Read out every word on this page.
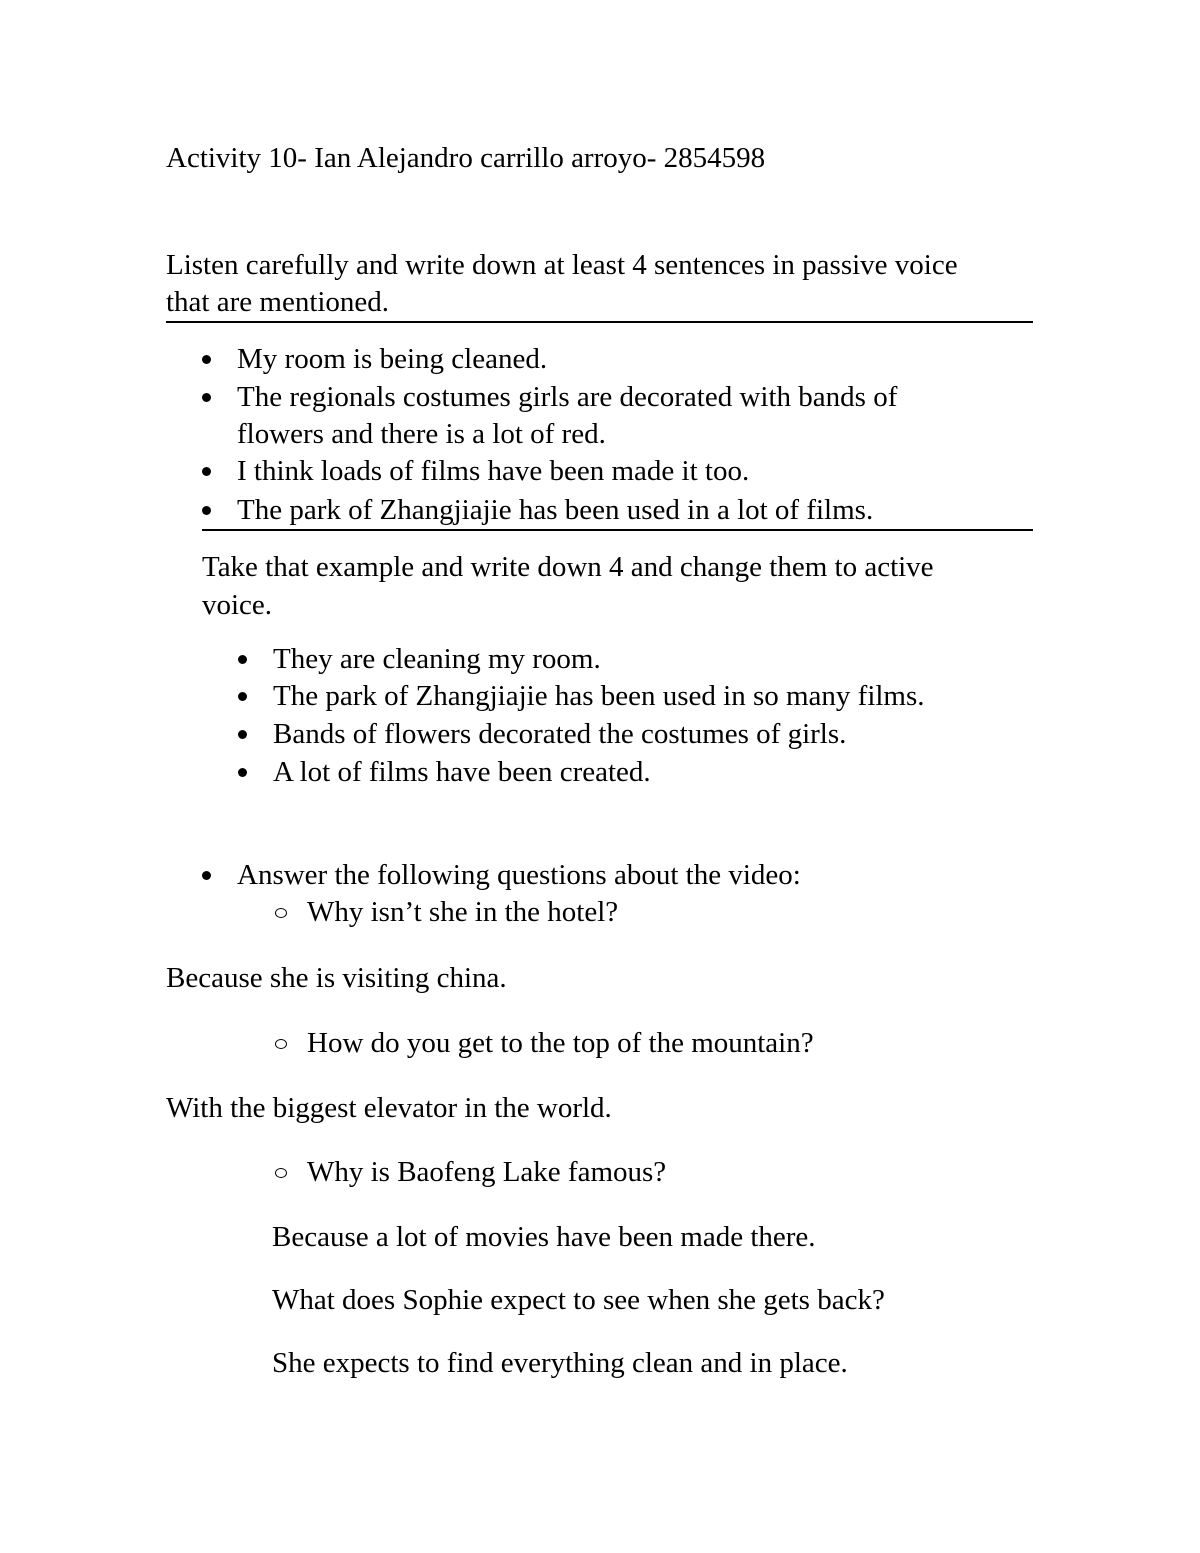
Activity 10- Ian Alejandro carrillo arroyo- 2854598

Listen carefully and write down at least 4 sentences in passive voice

that are mentioned.

My room is being cleaned.

The regionals costumes girls are decorated with bands of

flowers and there is a lot of red.

I think loads of films have been made it too.

The park of Zhangjiajie has been used in a lot of films.

Take that example and write down 4 and change them to active

voice.

They are cleaning my room.

The park of Zhangjiajie has been used in so many films.

Bands of flowers decorated the costumes of girls.

A lot of films have been created.

Answer the following questions about the video:

Why isn’t she in the hotel?

Because she is visiting china.

How do you get to the top of the mountain?

With the biggest elevator in the world.

Why is Baofeng Lake famous?

Because a lot of movies have been made there.

What does Sophie expect to see when she gets back?

She expects to find everything clean and in place.
